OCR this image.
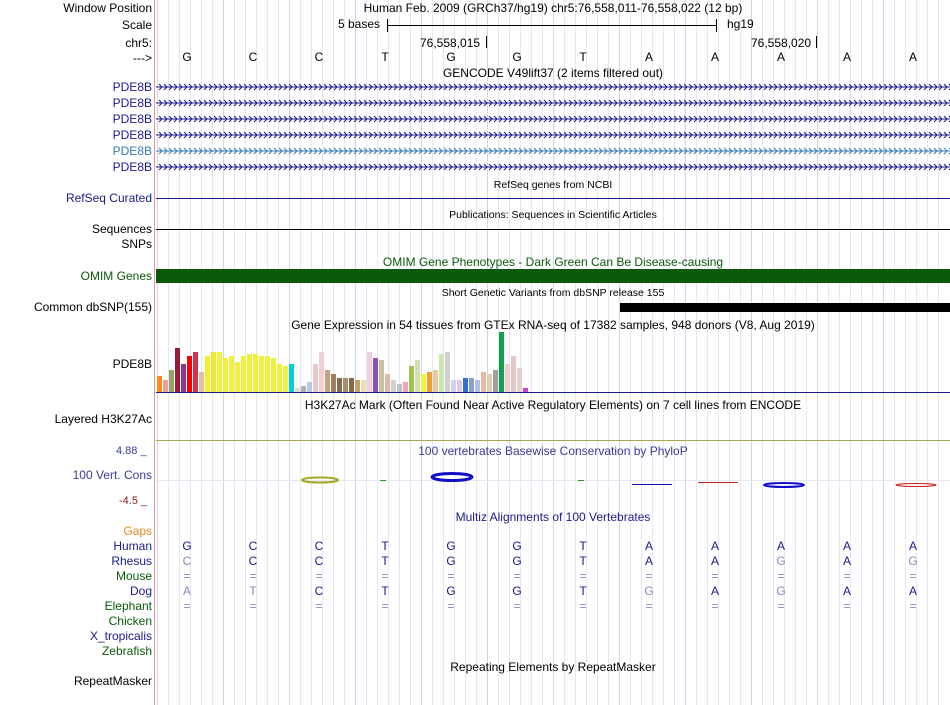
Window Position	Human Feb. 2009 (GRCh37/hg19) chr5:76,558,011-76,558,022 (12 bp)
Scale	5 bases	hg19
chr5:	76,558,015	76,558,020
--->	G	C	C	T	G	G	T	A	A	A	A	A
GENCODE V49lift37 (2 items filtered out)
PDE8B
PDE8B
PDE8B
PDE8B
PDE8B
PDE8B
RefSeq genes from NCBI
RefSeq Curated
Publications: Sequences in Scientific Articles
Sequences
SNPs
OMIM Gene Phenotypes - Dark Green Can Be Disease-causing
OMIM Genes
Short Genetic Variants from dbSNP release 155
Common dbSNP(155)
Gene Expression in 54 tissues from GTEx RNA-seq of 17382 samples, 948 donors (V8, Aug 2019)
PDE8B
H3K27Ac Mark (Often Found Near Active Regulatory Elements) on 7 cell lines from ENCODE
Layered H3K27Ac
100 vertebrates Basewise Conservation by PhyloP
4.88 _
100 Vert. Cons
-4.5 _
Multiz Alignments of 100 Vertebrates
Gaps
Human	G	C	C	T	G	G	T	A	A	A	A	A
Rhesus	C	C	C	T	G	G	T	A	A	G	A	G
Mouse	=	=	=	=	=	=	=	=	=	=	=	=
Dog	A	T	C	T	G	G	T	G	A	G	A	A
Elephant	=	=	=	=	=	=	=	=	=	=	=	=
Chicken
X_tropicalis
Zebrafish
Repeating Elements by RepeatMasker
RepeatMasker
